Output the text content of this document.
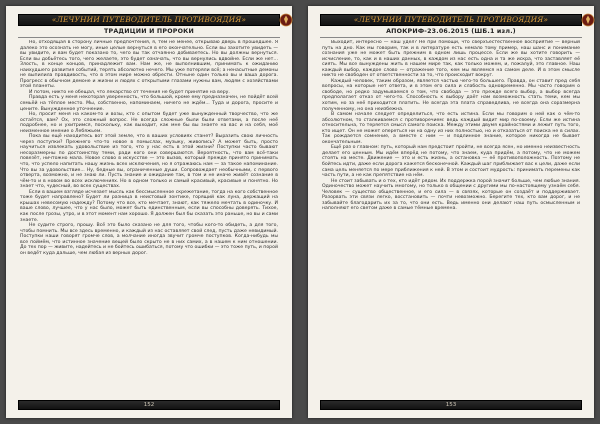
«ЛЕЧУНИИ ПУТЕВОДИТЕЛЬ ПРОТИВОЯДИЯ»
ТРАДИЦИИ И ПРОРОКИ

Но, отходящая в сторону личные предпочтения, я, тем не менее, открываю дверь в прошедшее. Я далеко это осознать не могу, иные целые вернуться в его окончательно. Если вы захотите увидеть — вы увидите, и вам будет показано то, чего вы так отчаянно добиваетесь. Но вы должны вернуться. Если вы добьётесь того, чего желаете, это будет означать, что вы вернулись вдвойне. Если же нет… Злость, в конце концов, принадлежит вам. Нам же, не выполнившим, принимать к ожиданию наихудшего развития событий, терять абсолютно нечего. Мы уже потеряли всё; а ненасытные демоны не выпилила правдивость, что в этом мире можно обрести. Отныне один только вы и ваша дорога. Прогресс в обычном демоне и жизни и людях с открытыми глазами нужны вам, людям с хозяйствами этой планеты.

И потом, никто не обещал, что лекарство от течения не будет принятие на веру.

Правда есть у меня некоторая уверенность, что большой, кроме ему предназначен, не пойдёт всей семьёй на тёплое место. Мы, собственно, напоминаем, ничего не ждём... Туда и дорога, просите и цените. Вынужденное уточнение.

Но, просит меня на каком-то и возы, кто с опытом будет уже вынужденный творчество, что же остаётся, вам? Ох, это сложный вопрос. Не всегда сложные были были ответами, а после неё подробнее, но и ухитримся, поскольку, как выходит, как мне бы вы знаете на вас и на себя, моё неизменное мнение о Лебяжьем.

Пока вы ещё находитесь вот этой земле, что в ваших условиях станет? Выразить свою личность через поступки? Прежнего что-то новое в помыслах, музыку, живопись? А может быть, просто научиться извлекать удовольствие из того, что у нас есть в этой жизни? Поступки часто бывают несоразмерны по достоинству теми, ради кого они совершаются. Вероятность, что вам всё-таки повезёт, ничтожно мала. Новое слово в искусстве — это вызов, который прежде принято принимать что, что успело напитать нашу жизнь всех исключения, но я отражаюсь нам — за такое напоминание. Что вы за удовольствие... Ну, бедные вы, ограниченные души. Сопровождает необычными, с первого отверта, возможно, и не знаю ли. Пусть знание и ожидание так, в том и не иначе живёт сознание в чём-то и в новом во всех исключениях. Но в одном только и самый красивый, красивые и понятно. Но знает что, чудесный, во всех существах.

Если в вашем взгляде исчезает мысль как бессмысленное скрежетание, тогда на кого собственное тоже будет направлено? Будет ли разница в неистовый зонтике, горящий как луна, держащий на крышах невесомую надежду? Потому что все, кто мечтает, знают, как тяжело мечтать в одиночку. И ваше слово, лучшее, что у нас было, может быть единственным, если вы способны доверять. Тихое, как после грозы, утро, и в этот момент нам хорошо. Я должен был бы сказать это раньше, но вы и сами знаете.

Не судите строго, прошу. Всё это было сказано не для того, чтобы кого-то обидеть, а для того, чтобы помнить. Мы все здесь временно, и каждый из нас оставляет свой след, пусть даже невидимый. Поступки наши говорят громче слов, а молчание иногда звучит громче поступков. Когда-нибудь мы все поймём, что истинное значение вещей было скрыто не в них самих, а в нашем к ним отношении. До тех пор — живите, надейтесь и не бойтесь ошибаться, потому что ошибки — это тоже путь, и порой он ведёт куда дальше, чем любая из верных дорог.

152
«ЛЕЧУНИИ ПУТЕВОДИТЕЛЬ ПРОТИВОЯДИЯ»
АПОКРИФ-23.06.2015 (ШБ.1 изл.)

Выходит, интересно — наш удел? Не при помощи, что сверхъестественное восприятие — верный путь на дно. Как мы говорим, так и в литературе есть немало тому пример, наш шанс и понимание сознания уже не может быть прежним в одном лишь процессе. Если же вы хотите говорить — исчисление, то, как и в наших данных, в каждом из нас есть одна и та же искра, что заставляет её сиять. Мы все вынуждены жить в нашем мире так, как только можем, и, пожалуй, это главное. Наш каждый выбор, каждое слово — отражение того, кем мы являемся на самом деле. И в этом смысле никто не свободен от ответственности за то, что происходит вокруг.

Каждый человек, таким образом, является частью чего-то большего. Правда, он ставит пред себя вопросы, на которые нет ответа, и в этом его сила и слабость одновременно. Мы часто говорим о свободе, но редко задумываемся о том, что свобода — это прежде всего выбор, а выбор всегда предполагает отказ от чего-то. Способность к выбору даёт нам возможность стать теми, кем мы хотим, но за неё приходится платить. Не всегда эта плата справедлива, не всегда она соразмерна полученному, но она неизбежна.

В самом начале следует определиться, что есть истина. Если мы говорим о ней как о чём-то абсолютном, то сталкиваемся с противоречием: ведь каждый видит мир по-своему. Если же истина относительна, то теряется смысл самого поиска. Между этими двумя крайностями и лежит путь того, кто ищет. Он не может опереться ни на одну из них полностью, но и отказаться от поиска не в силах. Так рождается сомнение, а вместе с ним — и подлинное знание, которое никогда не бывает окончательным.

Ещё раз о главном: путь, который нам предстоит пройти, не всегда ясен, но именно неизвестность делает его ценным. Мы идём вперёд не потому, что знаем, куда придём, а потому, что не можем стоять на месте. Движение — это и есть жизнь, а остановка — её противоположность. Поэтому не бойтесь идти, даже если дорога кажется бесконечной. Каждый шаг приближает вас к цели, даже если сама цель меняется по мере приближения к ней. В этом и состоит мудрость: принимать перемены как часть пути, а не как препятствие на нём.

Не стоит забывать и о тех, кто идёт рядом. Их поддержка порой значит больше, чем любые знания. Одиночество может научить многому, но только в общении с другими мы по-настоящему узнаём себя. Человек — существо общественное, и его сила — в связях, которые он создаёт и поддерживает. Разорвать эти связи легко, восстановить — почти невозможно. Берегите тех, кто вам дорог, и не забывайте благодарить их за то, что они есть. Ведь именно они делают наш путь осмысленным и наполняют его светом даже в самые тёмные времена.

153
